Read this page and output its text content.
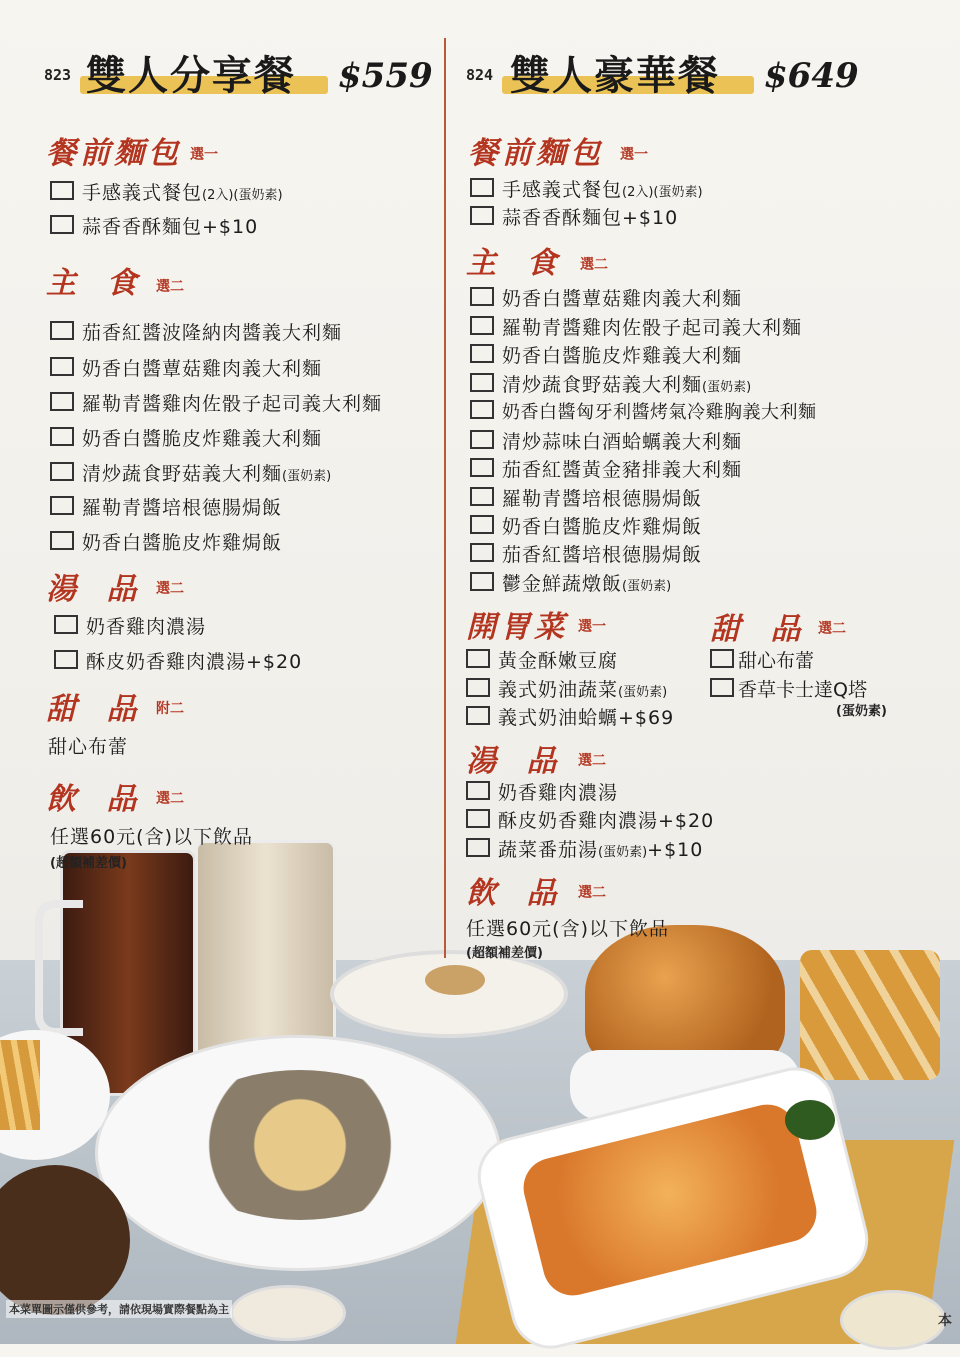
823 雙人分享餐 $559
餐前麵包 選一
手感義式餐包(2入)(蛋奶素)
蒜香香酥麵包+$10
主 食 選二
茄香紅醬波隆納肉醬義大利麵
奶香白醬蕈菇雞肉義大利麵
羅勒青醬雞肉佐骰子起司義大利麵
奶香白醬脆皮炸雞義大利麵
清炒蔬食野菇義大利麵(蛋奶素)
羅勒青醬培根德腸焗飯
奶香白醬脆皮炸雞焗飯
湯 品 選二
奶香雞肉濃湯
酥皮奶香雞肉濃湯+$20
甜 品 附二
甜心布蕾
飲 品 選二
任選60元(含)以下飲品
(超額補差價)
824 雙人豪華餐 $649
餐前麵包 選一
手感義式餐包(2入)(蛋奶素)
蒜香香酥麵包+$10
主 食 選二
奶香白醬蕈菇雞肉義大利麵
羅勒青醬雞肉佐骰子起司義大利麵
奶香白醬脆皮炸雞義大利麵
清炒蔬食野菇義大利麵(蛋奶素)
奶香白醬匈牙利醬烤氣冷雞胸義大利麵
清炒蒜味白酒蛤蠣義大利麵
茄香紅醬黃金豬排義大利麵
羅勒青醬培根德腸焗飯
奶香白醬脆皮炸雞焗飯
茄香紅醬培根德腸焗飯
鬱金鮮蔬燉飯(蛋奶素)
開胃菜 選一
黃金酥嫩豆腐
義式奶油蔬菜(蛋奶素)
義式奶油蛤蠣+$69
甜 品 選二
甜心布蕾
香草卡士達Q塔
(蛋奶素)
湯 品 選二
奶香雞肉濃湯
酥皮奶香雞肉濃湯+$20
蔬菜番茄湯(蛋奶素)+$10
飲 品 選二
任選60元(含)以下飲品
(超額補差價)
本菜單圖示僅供參考，請依現場實際餐點為主
本
